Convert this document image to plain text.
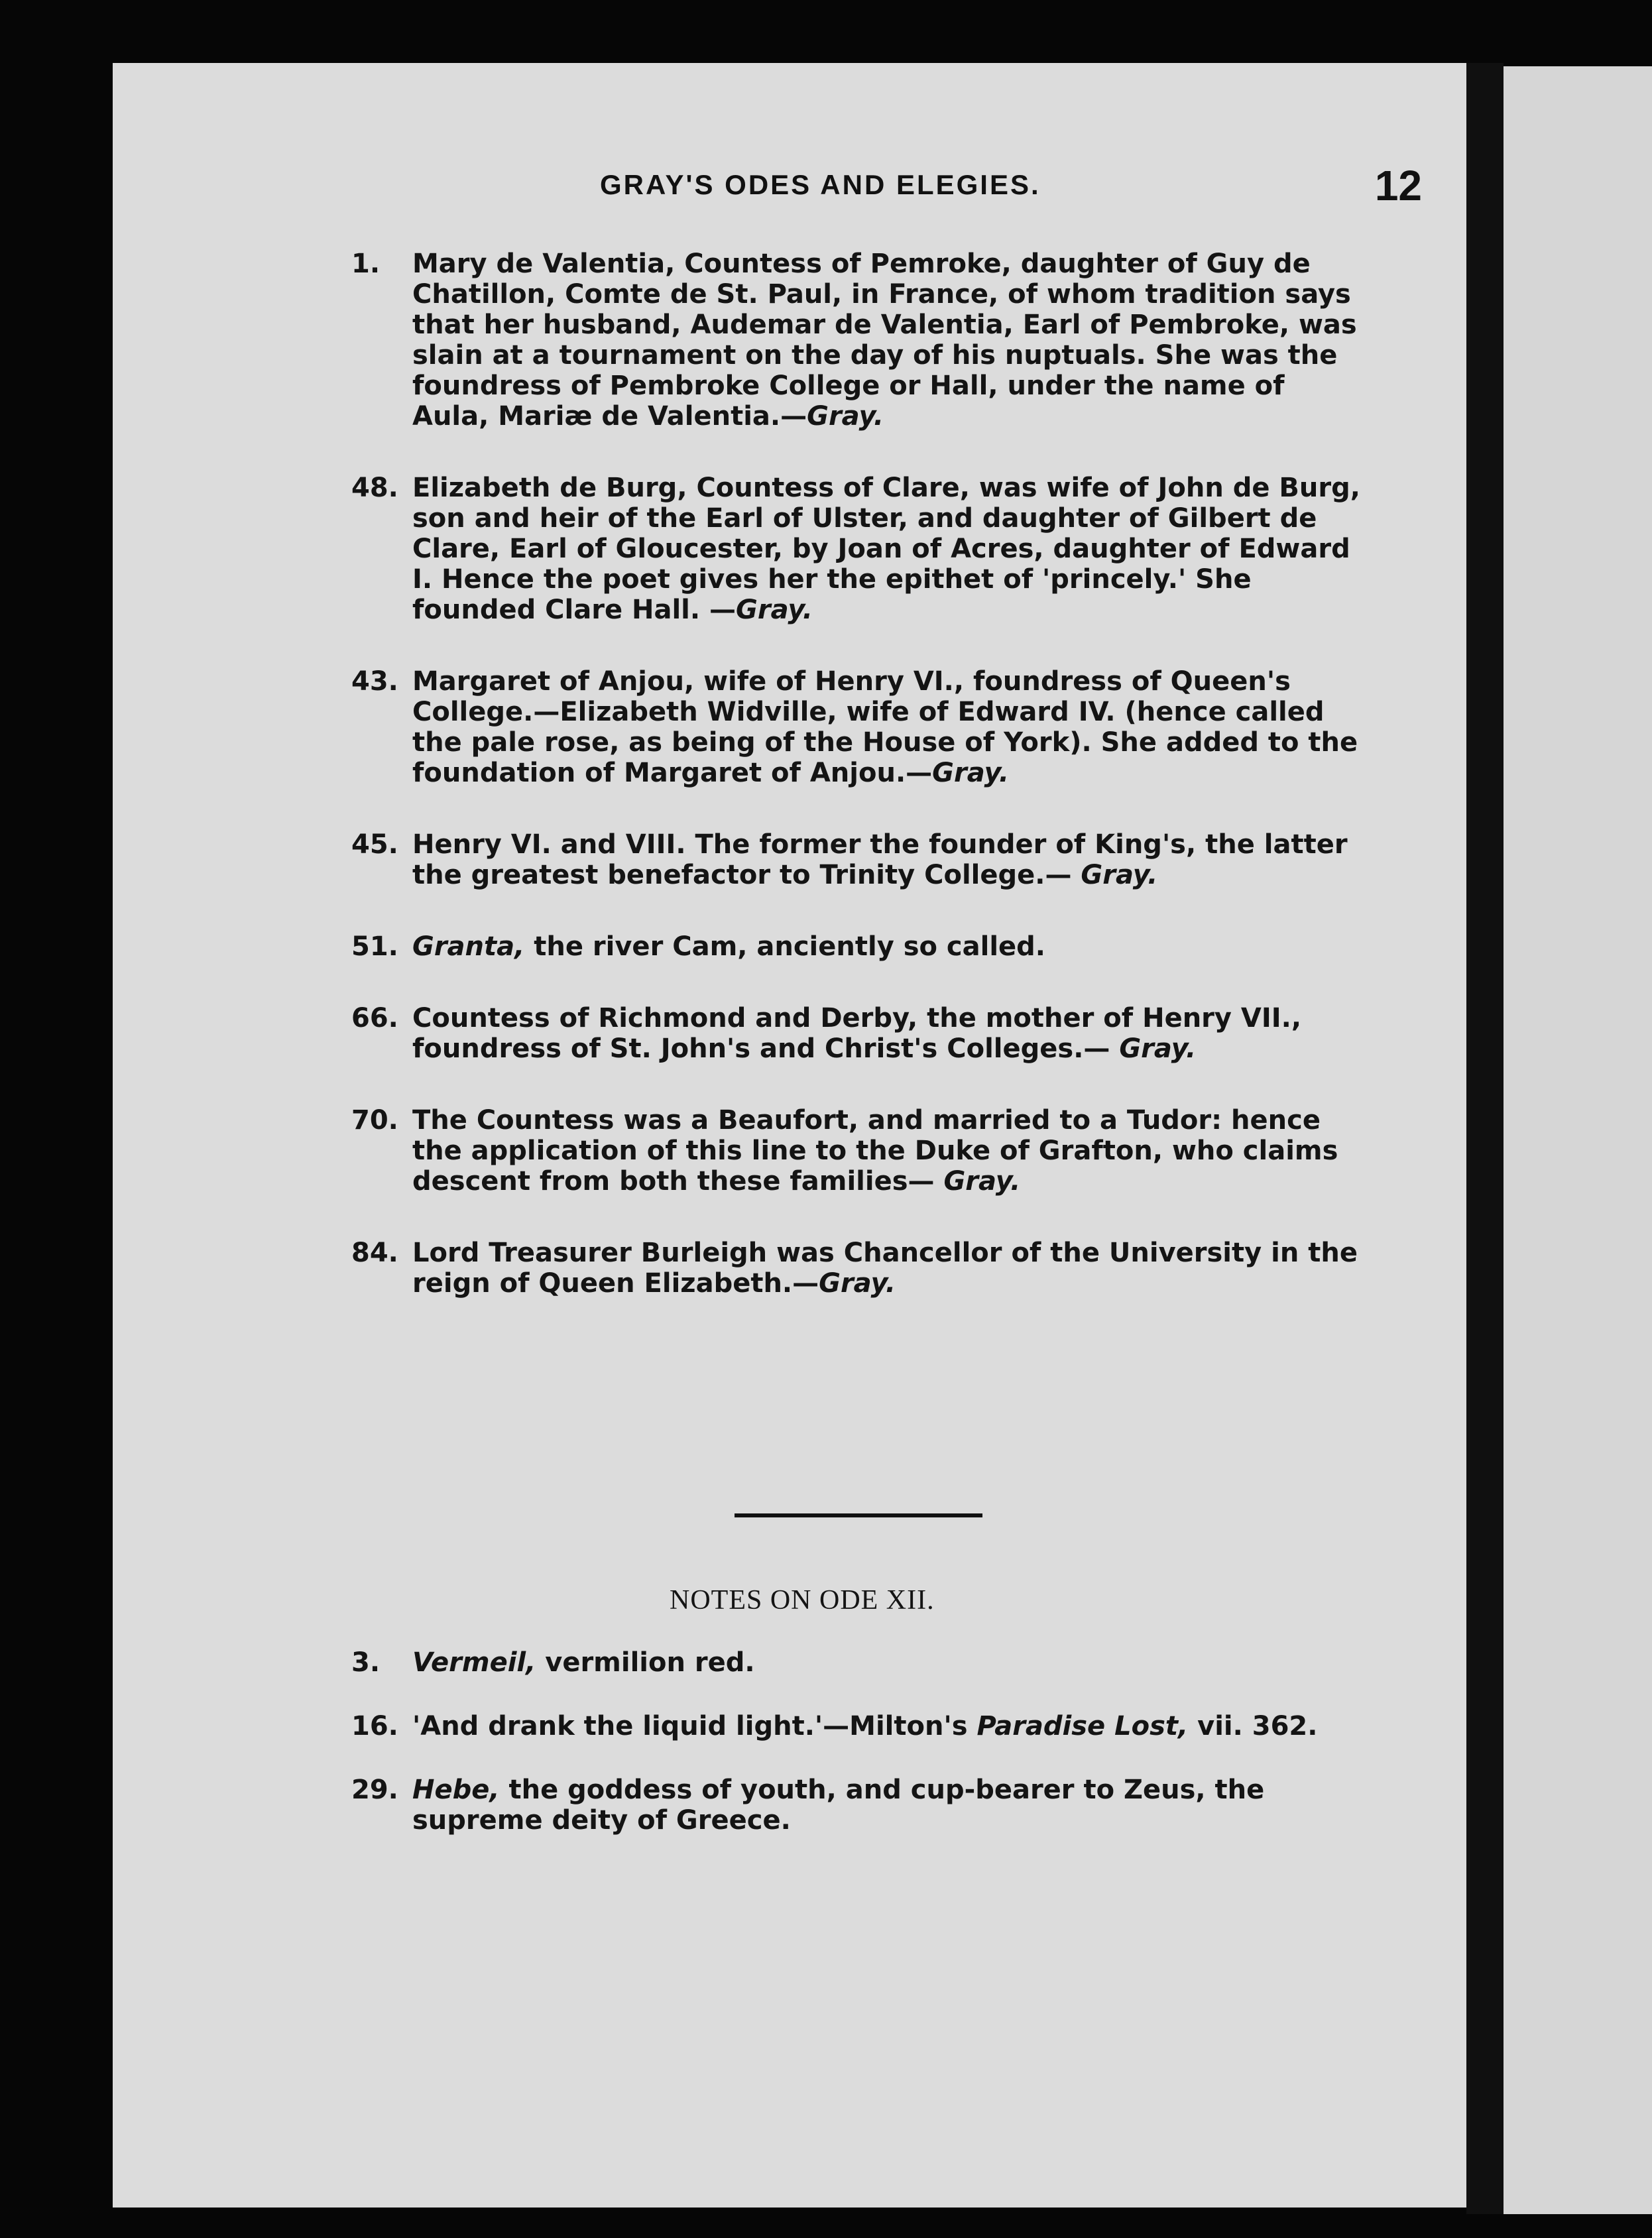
GRAY'S ODES AND ELEGIES.	12
1. Mary de Valentia, Countess of Pemroke, daughter of Guy de Chatillon, Comte de St. Paul, in France, of whom tradition says that her husband, Audemar de Valentia, Earl of Pembroke, was slain at a tournament on the day of his nuptuals. She was the foundress of Pembroke College or Hall, under the name of Aula, Mariæ de Valentia.—Gray.
48. Elizabeth de Burg, Countess of Clare, was wife of John de Burg, son and heir of the Earl of Ulster, and daughter of Gilbert de Clare, Earl of Gloucester, by Joan of Acres, daughter of Edward I. Hence the poet gives her the epithet of 'princely.' She founded Clare Hall. —Gray.
43. Margaret of Anjou, wife of Henry VI., foundress of Queen's College.—Elizabeth Widville, wife of Edward IV. (hence called the pale rose, as being of the House of York). She added to the foundation of Margaret of Anjou.—Gray.
45. Henry VI. and VIII. The former the founder of King's, the latter the greatest benefactor to Trinity College.— Gray.
51. Granta, the river Cam, anciently so called.
66. Countess of Richmond and Derby, the mother of Henry VII., foundress of St. John's and Christ's Colleges.— Gray.
70. The Countess was a Beaufort, and married to a Tudor: hence the application of this line to the Duke of Grafton, who claims descent from both these families— Gray.
84. Lord Treasurer Burleigh was Chancellor of the University in the reign of Queen Elizabeth.—Gray.
NOTES ON ODE XII.
3. Vermeil, vermilion red.
16. 'And drank the liquid light.'—Milton's Paradise Lost, vii. 362.
29. Hebe, the goddess of youth, and cup-bearer to Zeus, the supreme deity of Greece.
